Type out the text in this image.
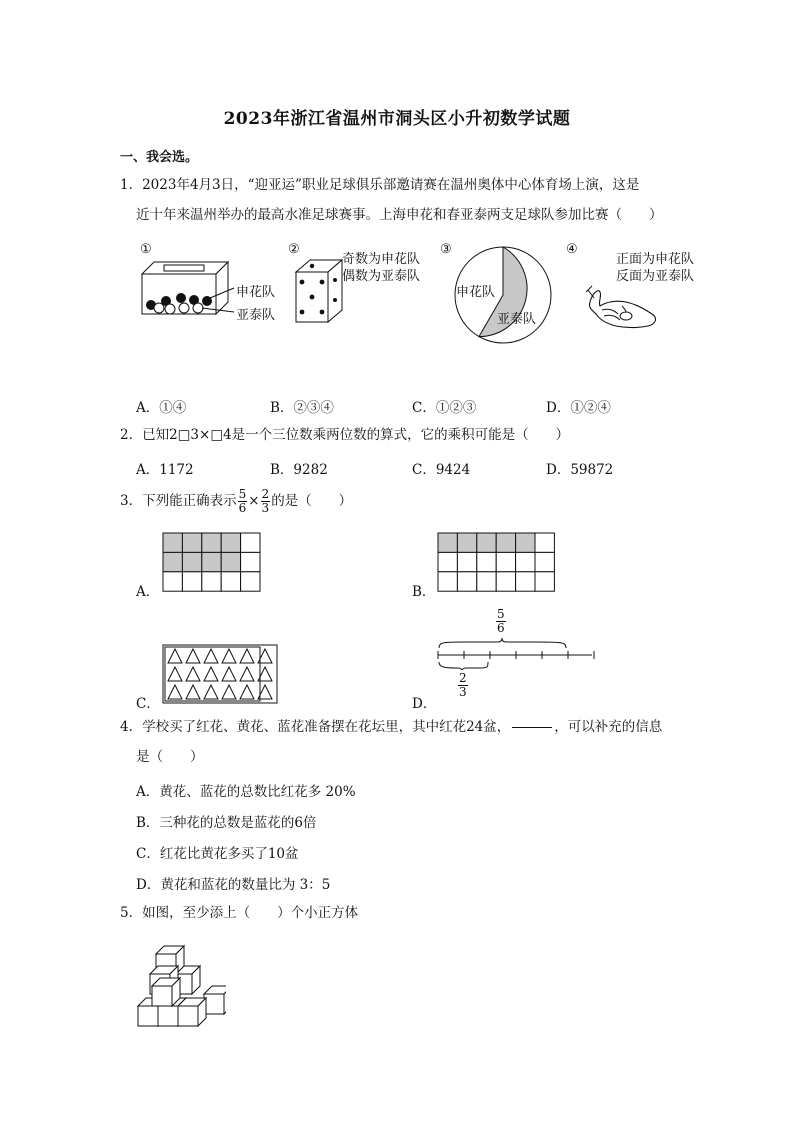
2023年浙江省温州市洞头区小升初数学试题
一、我会选。
1．2023年4月3日，“迎亚运”职业足球俱乐部邀请赛在温州奥体中心体育场上演，这是
近十年来温州举办的最高水准足球赛事。上海申花和春亚泰两支足球队参加比赛（　　）
①
申花队
亚泰队
②
奇数为申花队
偶数为亚泰队
③
申花队
亚泰队
④
正面为申花队
反面为亚泰队
A．①④	B．②③④	C．①②③	D．①②④
2．已知2□3×□4是一个三位数乘两位数的算式，它的乘积可能是（　　）
A．1172	B．9282	C．9424	D．59872
3．下列能正确表示 $\frac{5}{6} \times \frac{2}{3}$ 的是（　　）
A．	B．
C．	D．
$\frac{5}{6}$
$\frac{2}{3}$
4．学校买了红花、黄花、蓝花准备摆在花坛里，其中红花24盆，	，可以补充的信息
是（　　）
A．黄花、蓝花的总数比红花多 20%
B．三种花的总数是蓝花的6倍
C．红花比黄花多买了10盆
D．黄花和蓝花的数量比为 3：5
5．如图，至少添上（　　）个小正方体
